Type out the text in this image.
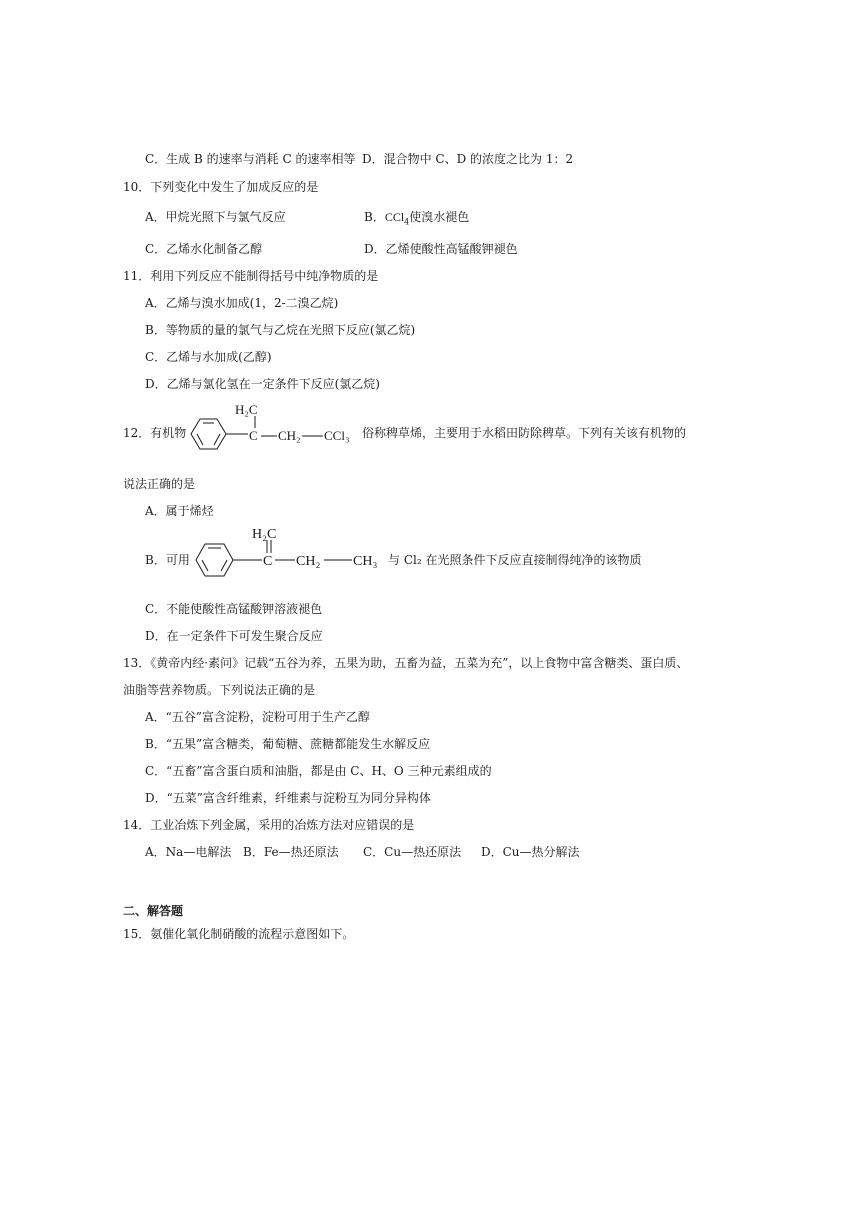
C．生成 B 的速率与消耗 C 的速率相等 D．混合物中 C、D 的浓度之比为 1：2
10．下列变化中发生了加成反应的是
A．甲烷光照下与氯气反应	B．CCl$_4$使溴水褪色
C．乙烯水化制备乙醇	D．乙烯使酸性高锰酸钾褪色
11．利用下列反应不能制得括号中纯净物质的是
A．乙烯与溴水加成(1，2-二溴乙烷)
B．等物质的量的氯气与乙烷在光照下反应(氯乙烷)
C．乙烯与水加成(乙醇)
D．乙烯与氯化氢在一定条件下反应(氯乙烷)
12．有机物
H₂C
C CH₂ CCl₃ 俗称稗草烯，主要用于水稻田防除稗草。下列有关该有机物的
说法正确的是
A．属于烯烃
B．可用
H₂C
C CH₂ CH₃ 与 Cl₂ 在光照条件下反应直接制得纯净的该物质
C．不能使酸性高锰酸钾溶液褪色
D．在一定条件下可发生聚合反应
13．《黄帝内经·素问》记载“五谷为养，五果为助，五畜为益，五菜为充”，以上食物中富含糖类、蛋白质、
油脂等营养物质。下列说法正确的是
A．“五谷”富含淀粉，淀粉可用于生产乙醇
B．“五果”富含糖类，葡萄糖、蔗糖都能发生水解反应
C．“五畜”富含蛋白质和油脂，都是由 C、H、O 三种元素组成的
D．“五菜”富含纤维素，纤维素与淀粉互为同分异构体
14．工业冶炼下列金属，采用的冶炼方法对应错误的是
A．Na—电解法 B．Fe—热还原法 C．Cu—热还原法 D．Cu—热分解法
二、解答题
15．氨催化氧化制硝酸的流程示意图如下。
